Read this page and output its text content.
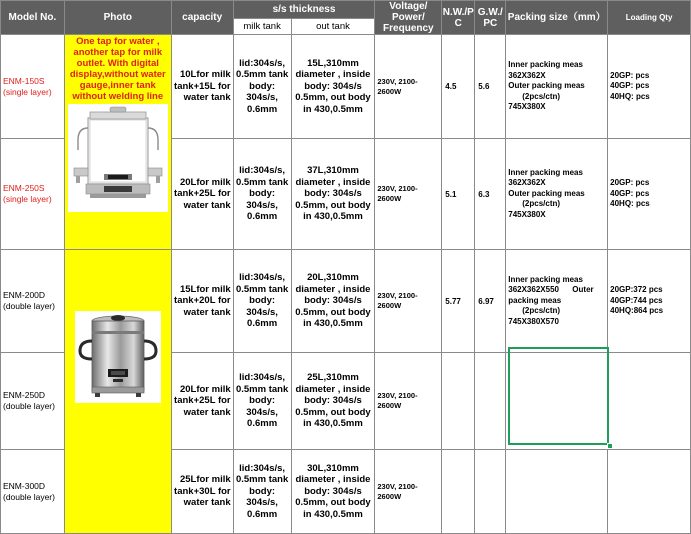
Model No.	Photo	capacity	s/s thickness		Voltage/ Power/ Frequency	N.W./P C	G.W./ PC	Packing size（mm）	Loading Qty
			milk tank	out tank					

ENM-150S
(single layer)	One tap for water , another tap for milk outlet. With digital display,without water gauge,inner tank without welding line	10Lfor milk tank+15L for water tank	lid:304s/s, 0.5mm tank body: 304s/s, 0.6mm	15L,310mm diameter , inside body: 304s/s 0.5mm, out body in 430,0.5mm	230V, 2100-2600W	4.5	5.6	Inner packing meas
362X362X
Outer packing meas
(2pcs/ctn)
745X380X	20GP: pcs
40GP: pcs
40HQ: pcs

ENM-250S
(single layer)		20Lfor milk tank+25L for water tank	lid:304s/s, 0.5mm tank body: 304s/s, 0.6mm	37L,310mm diameter , inside body: 304s/s 0.5mm, out body in 430,0.5mm	230V, 2100-2600W	5.1	6.3	Inner packing meas
362X362X
Outer packing meas
(2pcs/ctn)
745X380X	20GP: pcs
40GP: pcs
40HQ: pcs

ENM-200D
(double layer)		15Lfor milk tank+20L for water tank	lid:304s/s, 0.5mm tank body: 304s/s, 0.6mm	20L,310mm diameter , inside body: 304s/s 0.5mm, out body in 430,0.5mm	230V, 2100-2600W	5.77	6.97	Inner packing meas
362X362X550      Outer
packing meas
(2pcs/ctn)
745X380X570	20GP:372 pcs
40GP:744 pcs
40HQ:864 pcs

ENM-250D
(double layer)		20Lfor milk tank+25L for water tank	lid:304s/s, 0.5mm tank body: 304s/s, 0.6mm	25L,310mm diameter , inside body: 304s/s 0.5mm, out body in 430,0.5mm	230V, 2100-2600W				

ENM-300D
(double layer)		25Lfor milk tank+30L for water tank	lid:304s/s, 0.5mm tank body: 304s/s, 0.6mm	30L,310mm diameter , inside body: 304s/s 0.5mm, out body in 430,0.5mm	230V, 2100-2600W				
